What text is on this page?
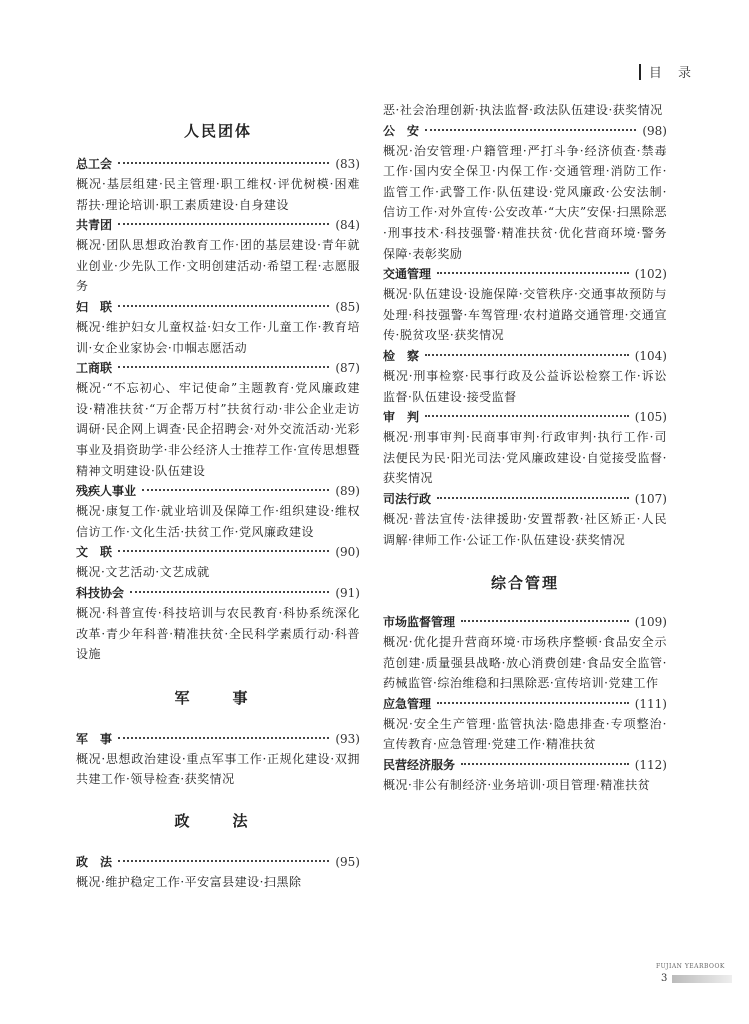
目 录
人民团体
总工会	(83)
概况·基层组建·民主管理·职工维权·评优树模·困难帮扶·理论培训·职工素质建设·自身建设
共青团	(84)
概况·团队思想政治教育工作·团的基层建设·青年就业创业·少先队工作·文明创建活动·希望工程·志愿服务
妇　联	(85)
概况·维护妇女儿童权益·妇女工作·儿童工作·教育培训·女企业家协会·巾帼志愿活动
工商联	(87)
概况·“不忘初心、牢记使命”主题教育·党风廉政建设·精准扶贫·“万企帮万村”扶贫行动·非公企业走访调研·民企网上调查·民企招聘会·对外交流活动·光彩事业及捐资助学·非公经济人士推荐工作·宣传思想暨精神文明建设·队伍建设
残疾人事业	(89)
概况·康复工作·就业培训及保障工作·组织建设·维权信访工作·文化生活·扶贫工作·党风廉政建设
文　联	(90)
概况·文艺活动·文艺成就
科技协会	(91)
概况·科普宣传·科技培训与农民教育·科协系统深化改革·青少年科普·精准扶贫·全民科学素质行动·科普设施
军　事
军　事	(93)
概况·思想政治建设·重点军事工作·正规化建设·双拥共建工作·领导检查·获奖情况
政　法
政　法	(95)
概况·维护稳定工作·平安富县建设·扫黑除
恶·社会治理创新·执法监督·政法队伍建设·获奖情况
公　安	(98)
概况·治安管理·户籍管理·严打斗争·经济侦查·禁毒工作·国内安全保卫·内保工作·交通管理·消防工作·监管工作·武警工作·队伍建设·党风廉政·公安法制·信访工作·对外宣传·公安改革·“大庆”安保·扫黑除恶·刑事技术·科技强警·精准扶贫·优化营商环境·警务保障·表彰奖励
交通管理	(102)
概况·队伍建设·设施保障·交管秩序·交通事故预防与处理·科技强警·车驾管理·农村道路交通管理·交通宣传·脱贫攻坚·获奖情况
检　察	(104)
概况·刑事检察·民事行政及公益诉讼检察工作·诉讼监督·队伍建设·接受监督
审　判	(105)
概况·刑事审判·民商事审判·行政审判·执行工作·司法便民为民·阳光司法·党风廉政建设·自觉接受监督·获奖情况
司法行政	(107)
概况·普法宣传·法律援助·安置帮教·社区矫正·人民调解·律师工作·公证工作·队伍建设·获奖情况
综合管理
市场监督管理	(109)
概况·优化提升营商环境·市场秩序整顿·食品安全示范创建·质量强县战略·放心消费创建·食品安全监管·药械监管·综治维稳和扫黑除恶·宣传培训·党建工作
应急管理	(111)
概况·安全生产管理·监管执法·隐患排查·专项整治·宣传教育·应急管理·党建工作·精准扶贫
民营经济服务	(112)
概况·非公有制经济·业务培训·项目管理·精准扶贫
FUJIAN YEARBOOK
3
